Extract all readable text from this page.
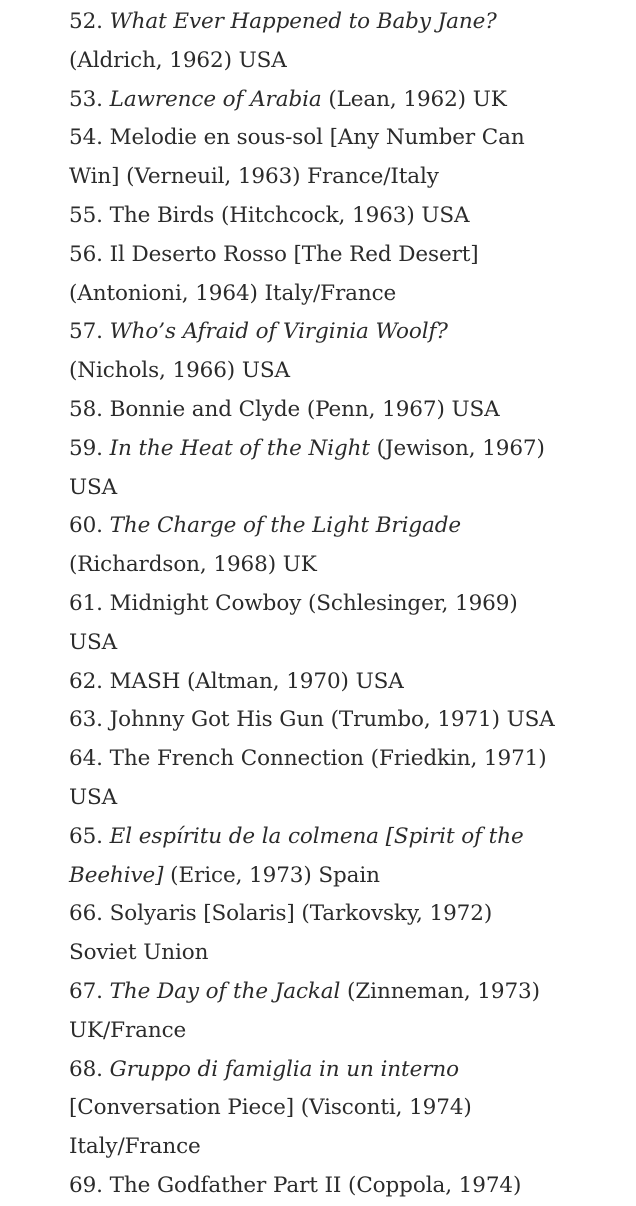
52. What Ever Happened to Baby Jane?
(Aldrich, 1962) USA
53. Lawrence of Arabia (Lean, 1962) UK
54. Melodie en sous-sol [Any Number Can
Win] (Verneuil, 1963) France/Italy
55. The Birds (Hitchcock, 1963) USA
56. Il Deserto Rosso [The Red Desert]
(Antonioni, 1964) Italy/France
57. Who’s Afraid of Virginia Woolf?
(Nichols, 1966) USA
58. Bonnie and Clyde (Penn, 1967) USA
59. In the Heat of the Night (Jewison, 1967)
USA
60. The Charge of the Light Brigade
(Richardson, 1968) UK
61. Midnight Cowboy (Schlesinger, 1969)
USA
62. MASH (Altman, 1970) USA
63. Johnny Got His Gun (Trumbo, 1971) USA
64. The French Connection (Friedkin, 1971)
USA
65. El espíritu de la colmena [Spirit of the
Beehive] (Erice, 1973) Spain
66. Solyaris [Solaris] (Tarkovsky, 1972)
Soviet Union
67. The Day of the Jackal (Zinneman, 1973)
UK/France
68. Gruppo di famiglia in un interno
[Conversation Piece] (Visconti, 1974)
Italy/France
69. The Godfather Part II (Coppola, 1974)
